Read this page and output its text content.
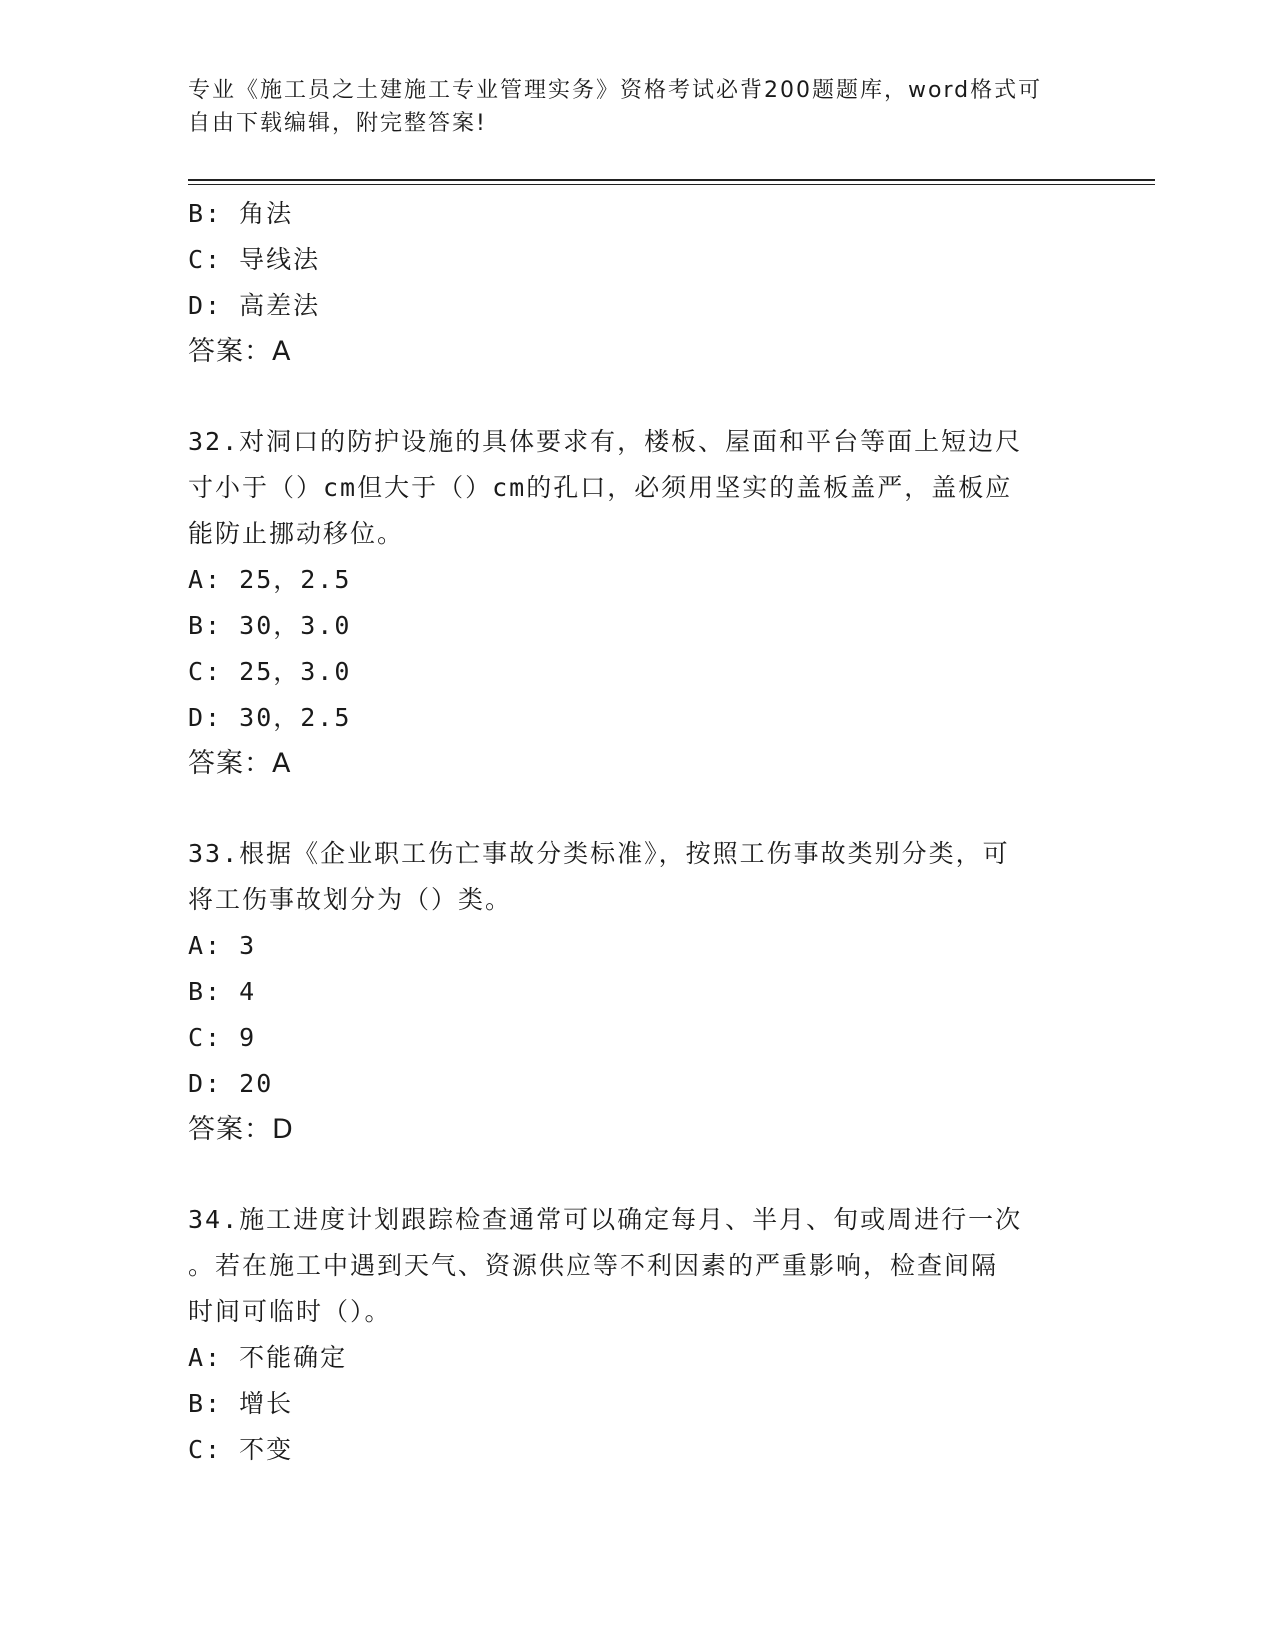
专业《施工员之土建施工专业管理实务》资格考试必背200题题库，word格式可
自由下载编辑，附完整答案!
B: 角法
C: 导线法
D: 高差法
答案：A
32.对洞口的防护设施的具体要求有，楼板、屋面和平台等面上短边尺
寸小于（）cm但大于（）cm的孔口，必须用坚实的盖板盖严，盖板应
能防止挪动移位。
A: 25，2.5
B: 30，3.0
C: 25，3.0
D: 30，2.5
答案：A
33.根据《企业职工伤亡事故分类标准》，按照工伤事故类别分类，可
将工伤事故划分为（）类。
A: 3
B: 4
C: 9
D: 20
答案：D
34.施工进度计划跟踪检查通常可以确定每月、半月、旬或周进行一次
。若在施工中遇到天气、资源供应等不利因素的严重影响，检查间隔
时间可临时（）。
A: 不能确定
B: 增长
C: 不变
